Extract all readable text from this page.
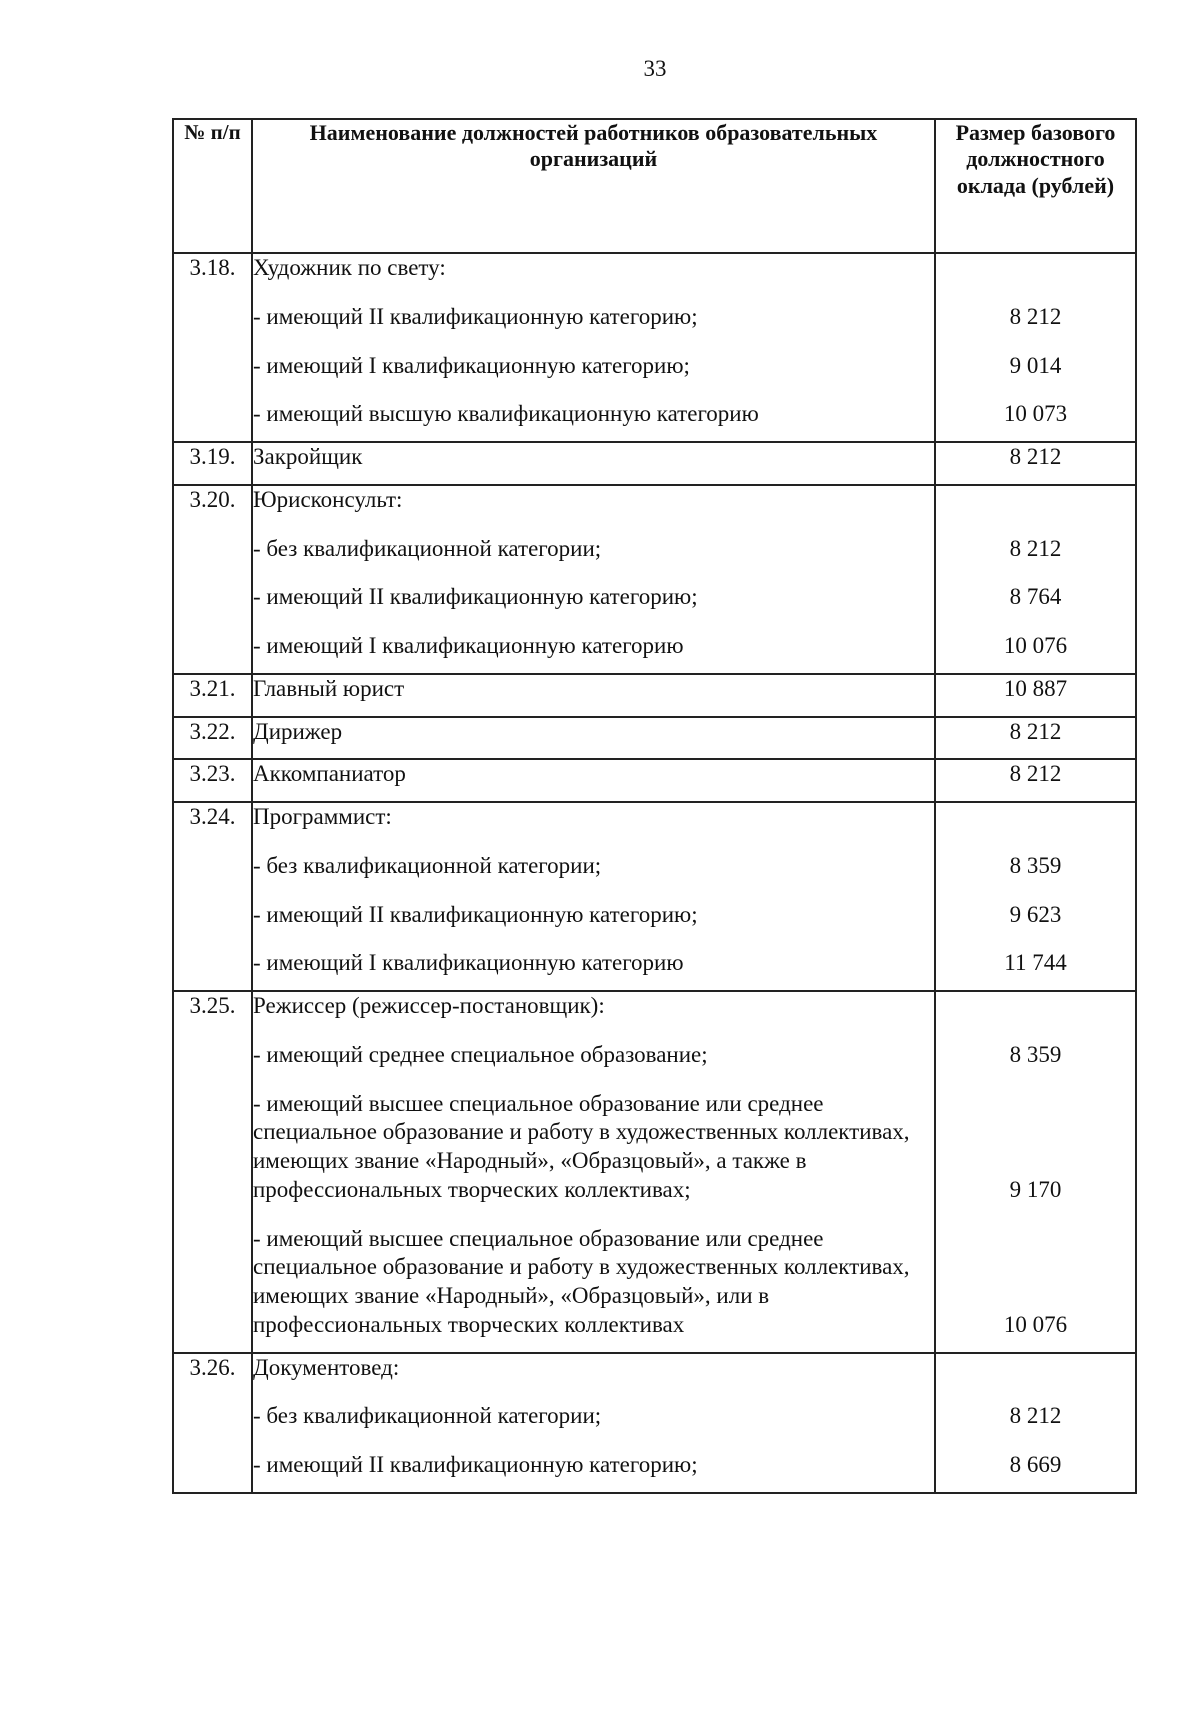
33
№ п/п	Наименование должностей работников образовательных организаций	Размер базового должностного оклада (рублей)
3.18.	Художник по свету:	
	- имеющий II квалификационную категорию;	8 212
	- имеющий I квалификационную категорию;	9 014
	- имеющий высшую квалификационную категорию	10 073
3.19.	Закройщик	8 212
3.20.	Юрисконсульт:	
	- без квалификационной категории;	8 212
	- имеющий II квалификационную категорию;	8 764
	- имеющий I квалификационную категорию	10 076
3.21.	Главный юрист	10 887
3.22.	Дирижер	8 212
3.23.	Аккомпаниатор	8 212
3.24.	Программист:	
	- без квалификационной категории;	8 359
	- имеющий II квалификационную категорию;	9 623
	- имеющий I квалификационную категорию	11 744
3.25.	Режиссер (режиссер-постановщик):	
	- имеющий среднее специальное образование;	8 359
	- имеющий высшее специальное образование или среднее специальное образование и работу в художественных коллективах, имеющих звание «Народный», «Образцовый», а также в профессиональных творческих коллективах;	9 170
	- имеющий высшее специальное образование или среднее специальное образование и работу в художественных коллективах, имеющих звание «Народный», «Образцовый», или в профессиональных творческих коллективах	10 076
3.26.	Документовед:	
	- без квалификационной категории;	8 212
	- имеющий II квалификационную категорию;	8 669
